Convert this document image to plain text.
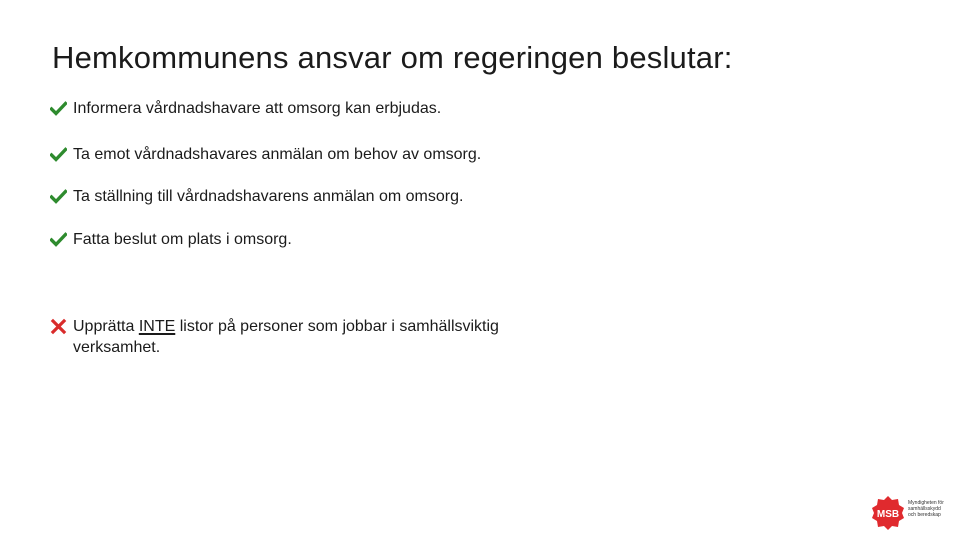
Hemkommunens ansvar om regeringen beslutar:
Informera vårdnadshavare att omsorg kan erbjudas.
Ta emot vårdnadshavares anmälan om behov av omsorg.
Ta ställning till vårdnadshavarens anmälan om omsorg.
Fatta beslut om plats i omsorg.
Upprätta INTE listor på personer som jobbar i samhällsviktig verksamhet.
MSB
Myndigheten för
samhällsskydd
och beredskap
